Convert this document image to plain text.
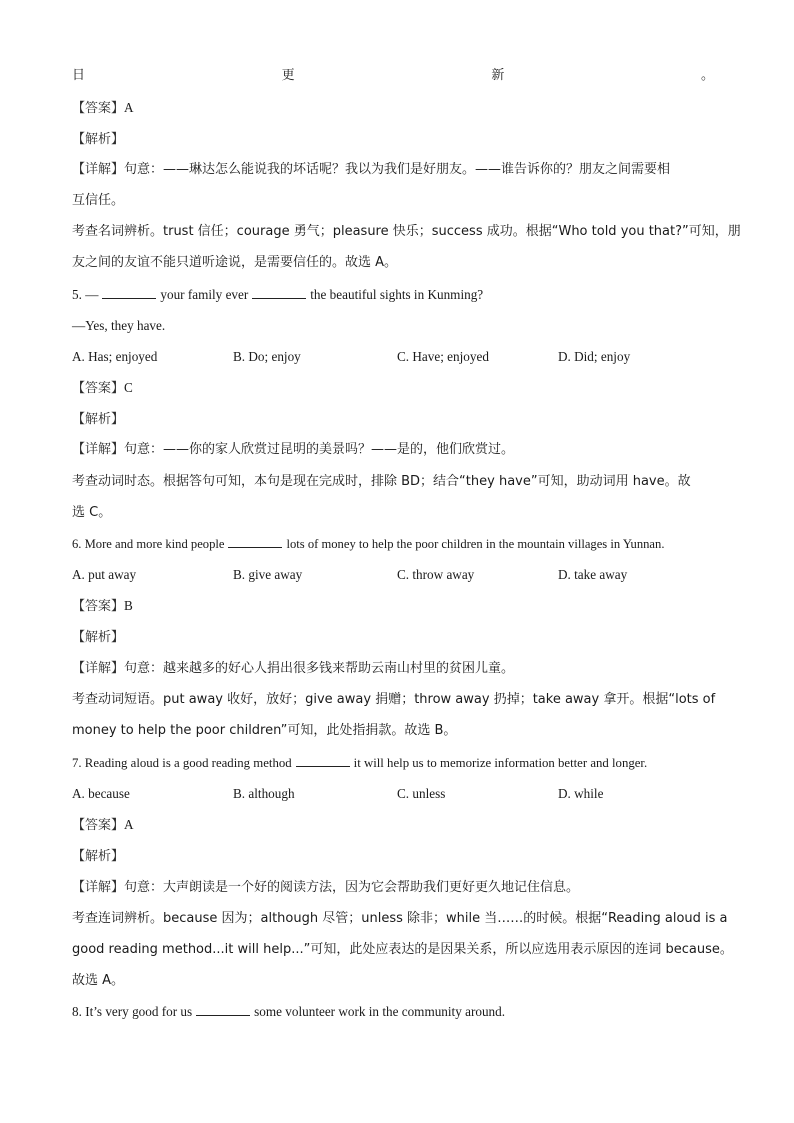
日	更	新	。
【答案】A
【解析】
【详解】句意：——琳达怎么能说我的坏话呢？我以为我们是好朋友。——谁告诉你的？朋友之间需要相
互信任。
考查名词辨析。trust 信任；courage 勇气；pleasure 快乐；success 成功。根据“Who told you that?”可知，朋
友之间的友谊不能只道听途说，是需要信任的。故选 A。
5. —	your family ever	the beautiful sights in Kunming?
—Yes, they have.
A. Has; enjoyed	B. Do; enjoy	C. Have; enjoyed	D. Did; enjoy
【答案】C
【解析】
【详解】句意：——你的家人欣赏过昆明的美景吗？——是的，他们欣赏过。
考查动词时态。根据答句可知，本句是现在完成时，排除 BD；结合“they have”可知，助动词用 have。故
选 C。
6. More and more kind people	lots of money to help the poor children in the mountain villages in Yunnan.
A. put away	B. give away	C. throw away	D. take away
【答案】B
【解析】
【详解】句意：越来越多的好心人捐出很多钱来帮助云南山村里的贫困儿童。
考查动词短语。put away 收好，放好；give away 捐赠；throw away 扔掉；take away 拿开。根据“lots of
money to help the poor children”可知，此处指捐款。故选 B。
7. Reading aloud is a good reading method	it will help us to memorize information better and longer.
A. because	B. although	C. unless	D. while
【答案】A
【解析】
【详解】句意：大声朗读是一个好的阅读方法，因为它会帮助我们更好更久地记住信息。
考查连词辨析。because 因为；although 尽管；unless 除非；while 当……的时候。根据“Reading aloud is a
good reading method...it will help...”可知，此处应表达的是因果关系，所以应选用表示原因的连词 because。
故选 A。
8. It’s very good for us	some volunteer work in the community around.
